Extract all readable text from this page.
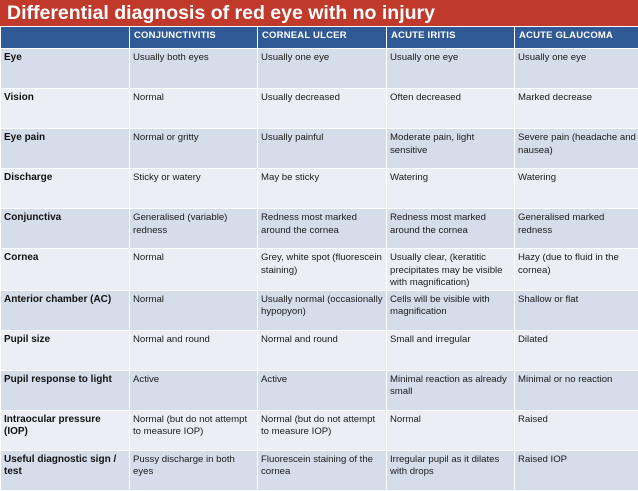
Differential diagnosis of red eye with no injury
	CONJUNCTIVITIS	CORNEAL ULCER	ACUTE IRITIS	ACUTE GLAUCOMA
Eye	Usually both eyes	Usually one eye	Usually one eye	Usually one eye
Vision	Normal	Usually decreased	Often decreased	Marked decrease
Eye pain	Normal or gritty	Usually painful	Moderate pain, light sensitive	Severe pain (headache and nausea)
Discharge	Sticky or watery	May be sticky	Watering	Watering
Conjunctiva	Generalised (variable) redness	Redness most marked around the cornea	Redness most marked around the cornea	Generalised marked redness
Cornea	Normal	Grey, white spot (fluorescein staining)	Usually clear, (keratitic precipitates may be visible with magnification)	Hazy (due to fluid in the cornea)
Anterior chamber (AC)	Normal	Usually normal (occasionally hypopyon)	Cells will be visible with magnification	Shallow or flat
Pupil size	Normal and round	Normal and round	Small and irregular	Dilated
Pupil response to light	Active	Active	Minimal reaction as already small	Minimal or no reaction
Intraocular pressure (IOP)	Normal (but do not attempt to measure IOP)	Normal (but do not attempt to measure IOP)	Normal	Raised
Useful diagnostic sign / test	Pussy discharge in both eyes	Fluorescein staining of the cornea	Irregular pupil as it dilates with drops	Raised IOP
